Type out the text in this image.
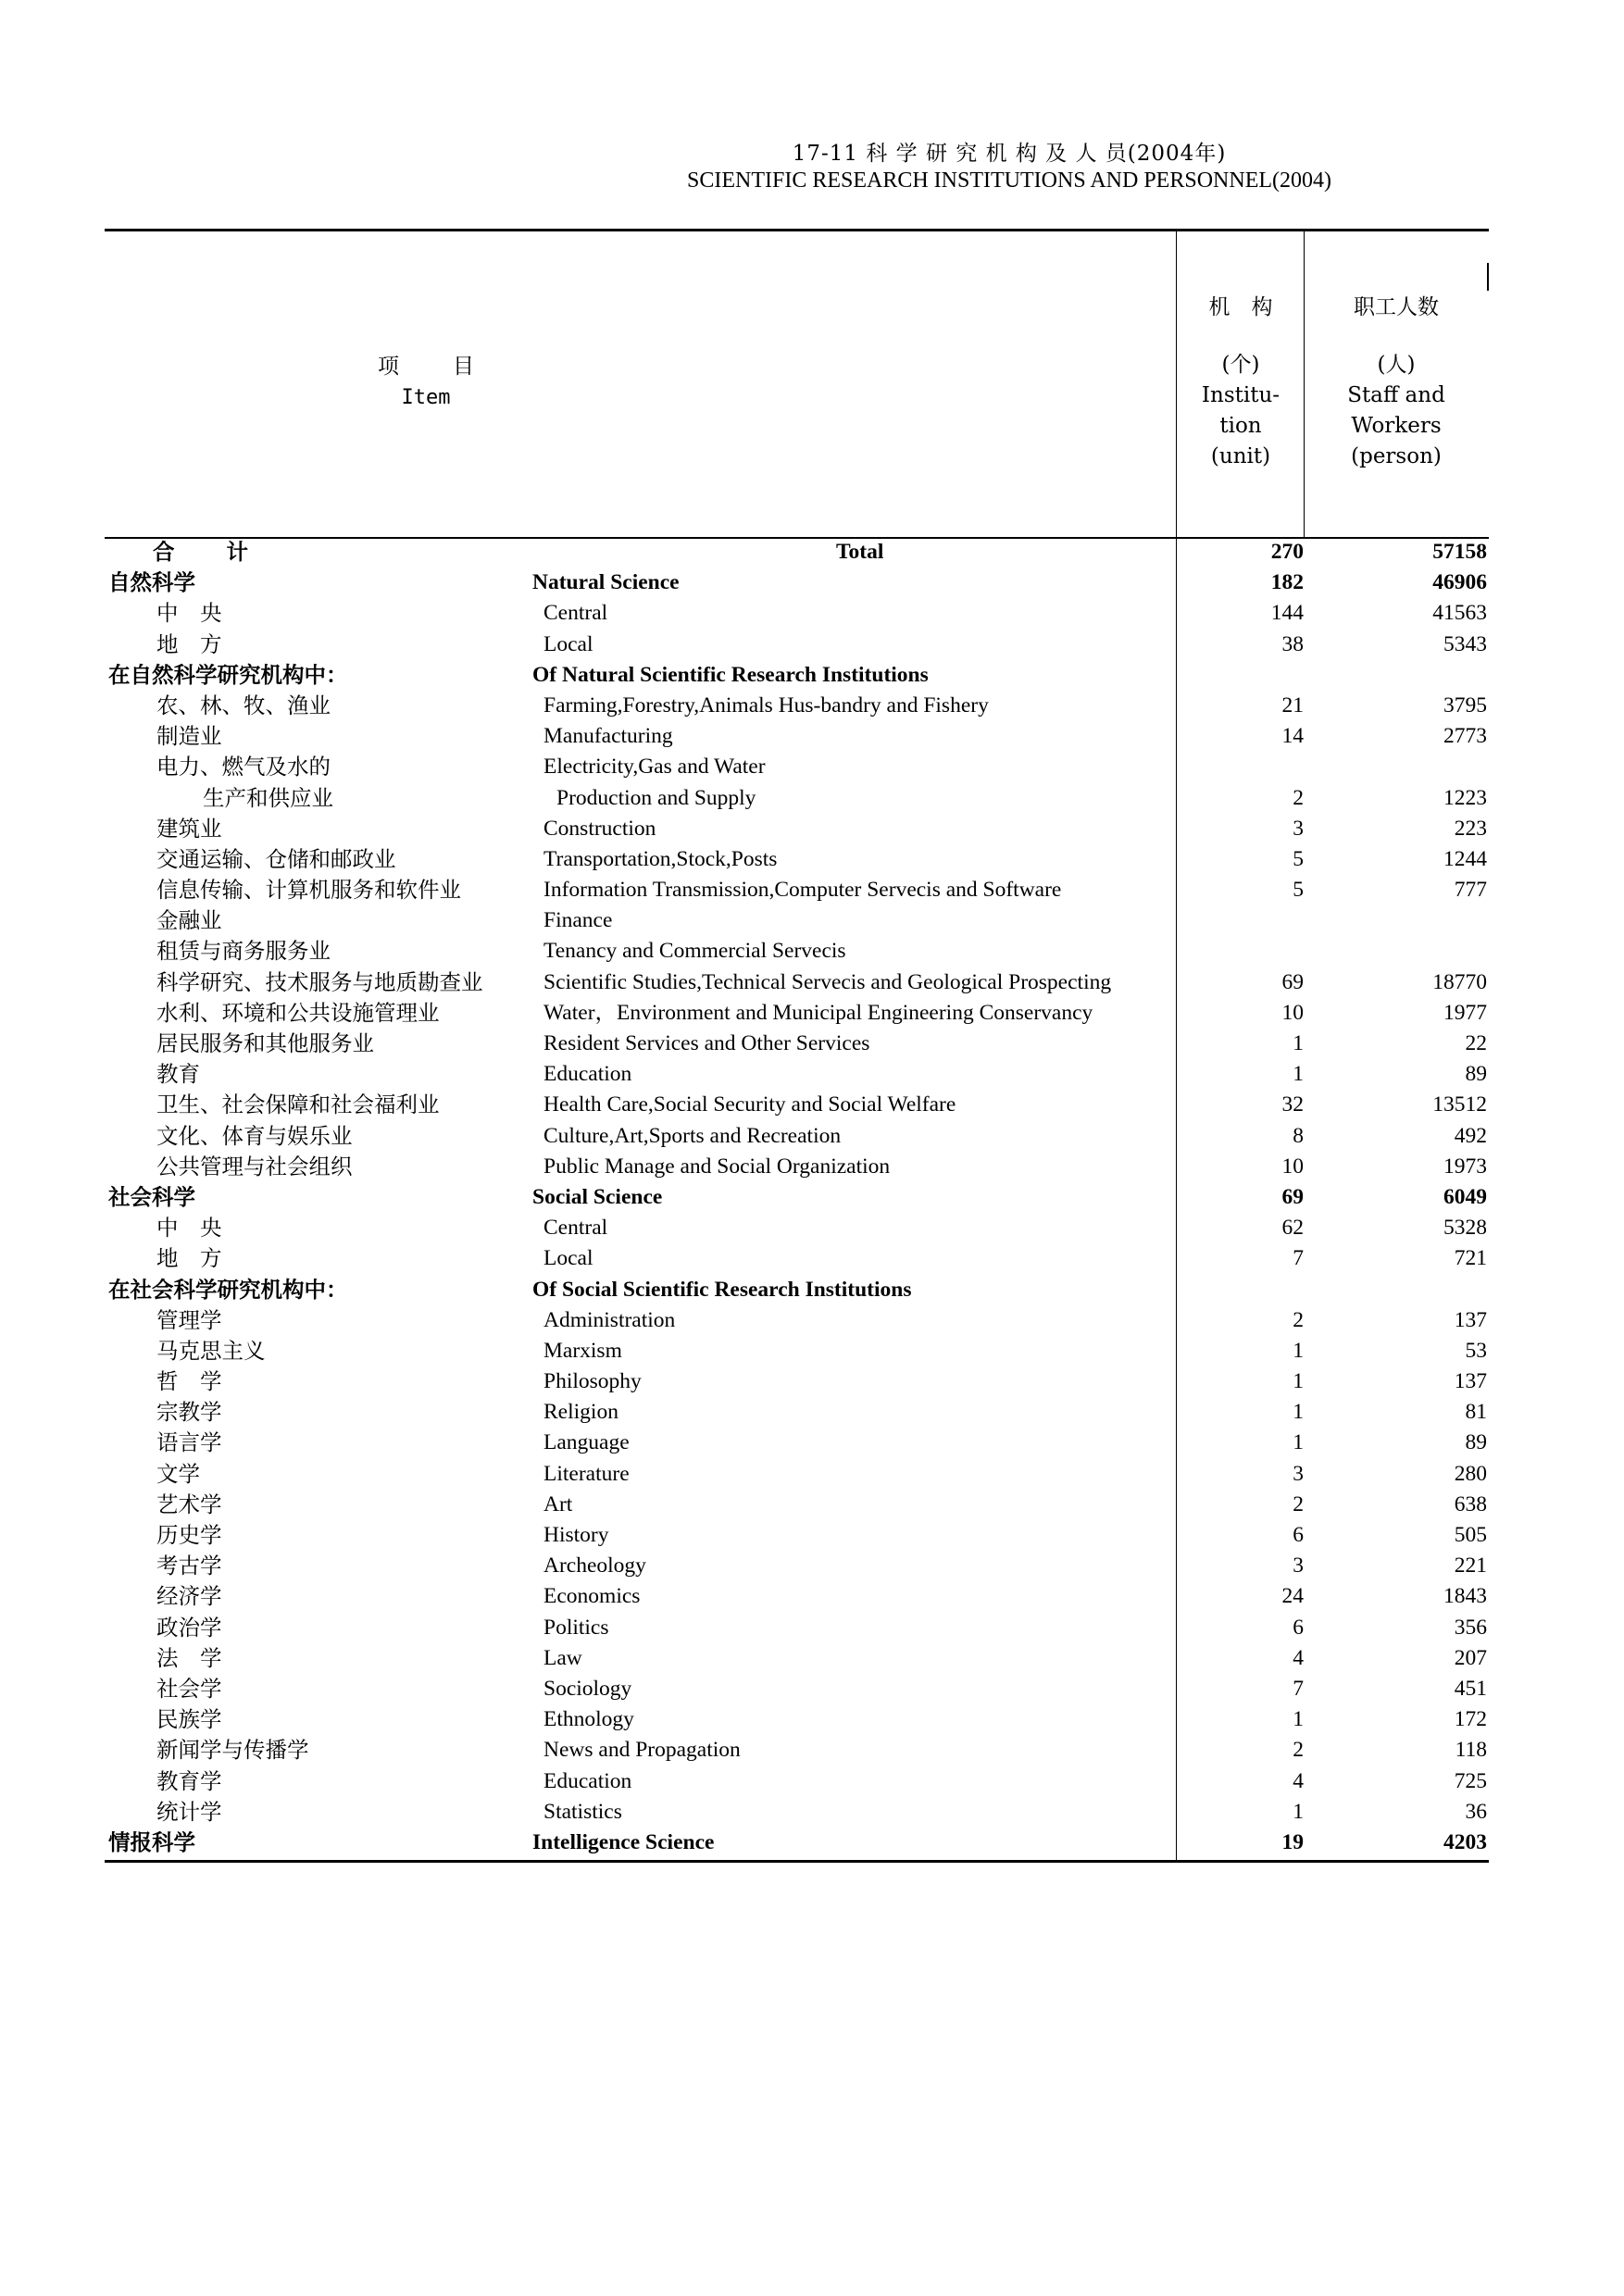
17-11 科 学 研 究 机 构 及 人 员(2004年)
SCIENTIFIC RESEARCH INSTITUTIONS AND PERSONNEL(2004)
项目
Item
机　构
(个)
Institu-
tion
(unit)
职工人数
(人)
Staff and
Workers
(person)
合计	Total	270	57158
自然科学	Natural Science	182	46906
中　央	Central	144	41563
地　方	Local	38	5343
在自然科学研究机构中：	Of Natural Scientific Research Institutions
农、林、牧、渔业	Farming,Forestry,Animals Hus-bandry and Fishery	21	3795
制造业	Manufacturing	14	2773
电力、燃气及水的	Electricity,Gas and Water
生产和供应业	Production and Supply	2	1223
建筑业	Construction	3	223
交通运输、仓储和邮政业	Transportation,Stock,Posts	5	1244
信息传输、计算机服务和软件业	Information Transmission,Computer Servecis and Software	5	777
金融业	Finance
租赁与商务服务业	Tenancy and Commercial Servecis
科学研究、技术服务与地质勘查业	Scientific Studies,Technical Servecis and Geological Prospecting	69	18770
水利、环境和公共设施管理业	Water，Environment and Municipal Engineering Conservancy	10	1977
居民服务和其他服务业	Resident Services and Other Services	1	22
教育	Education	1	89
卫生、社会保障和社会福利业	Health Care,Social Security and Social Welfare	32	13512
文化、体育与娱乐业	Culture,Art,Sports and Recreation	8	492
公共管理与社会组织	Public Manage and Social Organization	10	1973
社会科学	Social Science	69	6049
中　央	Central	62	5328
地　方	Local	7	721
在社会科学研究机构中：	Of Social Scientific Research Institutions
管理学	Administration	2	137
马克思主义	Marxism	1	53
哲　学	Philosophy	1	137
宗教学	Religion	1	81
语言学	Language	1	89
文学	Literature	3	280
艺术学	Art	2	638
历史学	History	6	505
考古学	Archeology	3	221
经济学	Economics	24	1843
政治学	Politics	6	356
法　学	Law	4	207
社会学	Sociology	7	451
民族学	Ethnology	1	172
新闻学与传播学	News and Propagation	2	118
教育学	Education	4	725
统计学	Statistics	1	36
情报科学	Intelligence Science	19	4203
